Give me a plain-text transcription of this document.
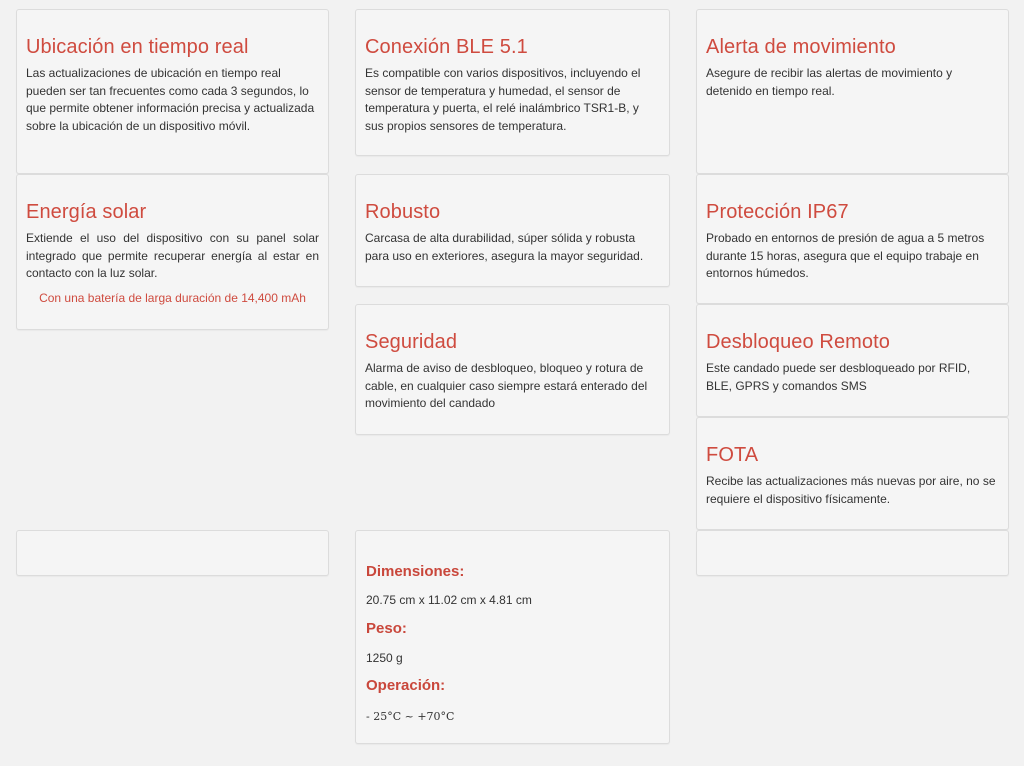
Ubicación en tiempo real

Las actualizaciones de ubicación en tiempo real pueden ser tan frecuentes como cada 3 segundos, lo que permite obtener información precisa y actualizada sobre la ubicación de un dispositivo móvil.

Energía solar

Extiende el uso del dispositivo con su panel solar integrado que permite recuperar energía al estar en contacto con la luz solar.

Con una batería de larga duración de 14,400 mAh
Conexión BLE 5.1

Es compatible con varios dispositivos, incluyendo el sensor de temperatura y humedad, el sensor de temperatura y puerta, el relé inalámbrico TSR1-B, y sus propios sensores de temperatura.

Robusto

Carcasa de alta durabilidad, súper sólida y robusta para uso en exteriores, asegura la mayor seguridad.

Seguridad

Alarma de aviso de desbloqueo, bloqueo y rotura de cable, en cualquier caso siempre estará enterado del movimiento del candado

Dimensiones:
20.75 cm x 11.02 cm x 4.81 cm
Peso:
1250 g
Operación:
- 25°C ~ +70°C
Alerta de movimiento

Asegure de recibir las alertas de movimiento y detenido en tiempo real.

Protección IP67

Probado en entornos de presión de agua a 5 metros durante 15 horas, asegura que el equipo trabaje en entornos húmedos.

Desbloqueo Remoto

Este candado puede ser desbloqueado por RFID, BLE, GPRS y comandos SMS

FOTA

Recibe las actualizaciones más nuevas por aire, no se requiere el dispositivo físicamente.
